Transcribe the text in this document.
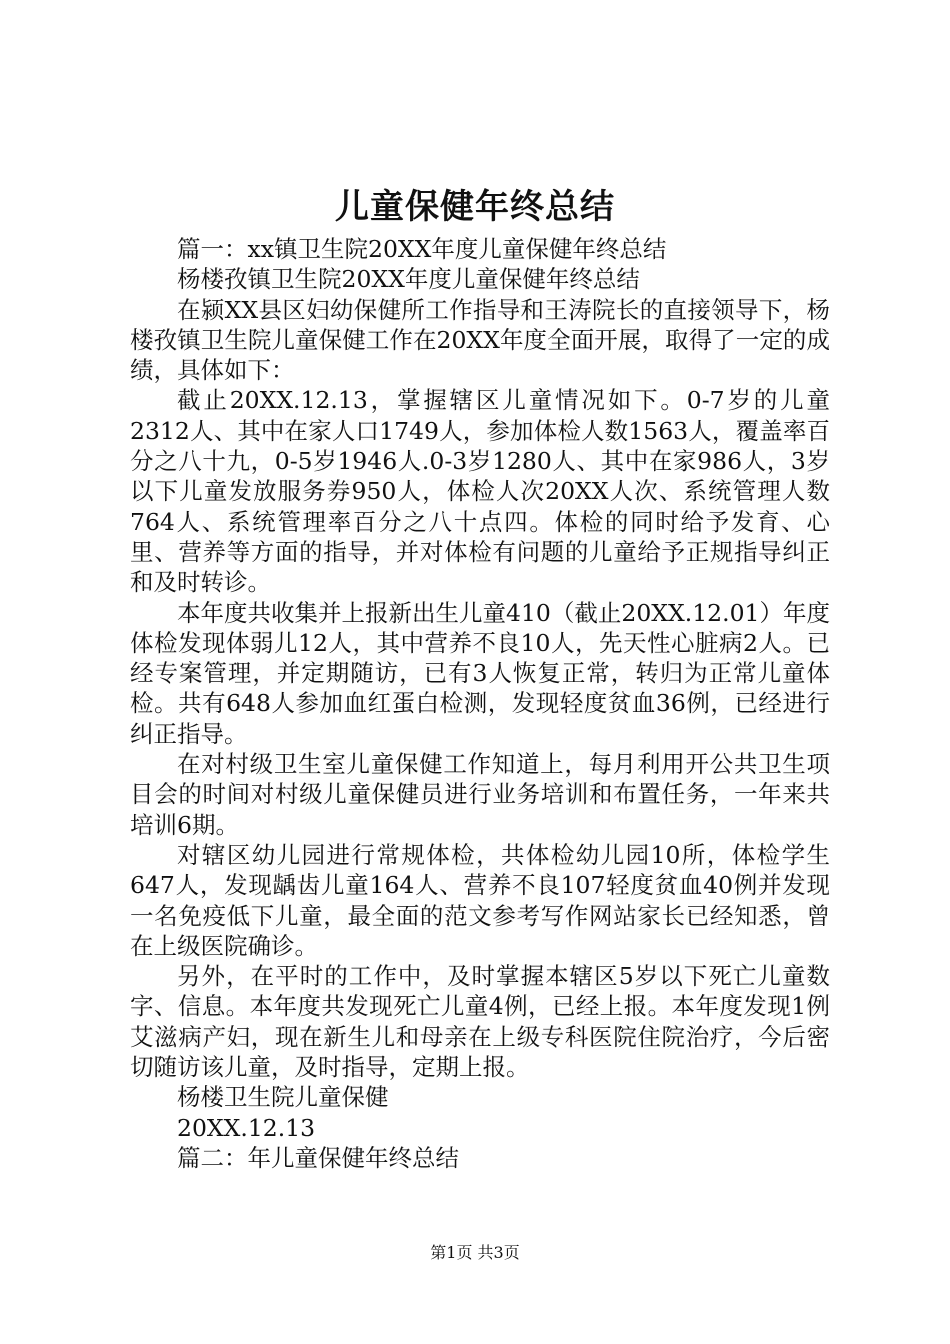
儿童保健年终总结

篇一：xx镇卫生院20XX年度儿童保健年终总结

杨楼孜镇卫生院20XX年度儿童保健年终总结

在颍XX县区妇幼保健所工作指导和王涛院长的直接领导下，杨楼孜镇卫生院儿童保健工作在20XX年度全面开展，取得了一定的成绩，具体如下：

截止20XX.12.13，掌握辖区儿童情况如下。0-7岁的儿童2312人、其中在家人口1749人，参加体检人数1563人，覆盖率百分之八十九，0-5岁1946人.0-3岁1280人、其中在家986人，3岁以下儿童发放服务券950人，体检人次20XX人次、系统管理人数764人、系统管理率百分之八十点四。体检的同时给予发育、心里、营养等方面的指导，并对体检有问题的儿童给予正规指导纠正和及时转诊。

本年度共收集并上报新出生儿童410（截止20XX.12.01）年度体检发现体弱儿12人，其中营养不良10人，先天性心脏病2人。已经专案管理，并定期随访，已有3人恢复正常，转归为正常儿童体检。共有648人参加血红蛋白检测，发现轻度贫血36例，已经进行纠正指导。

在对村级卫生室儿童保健工作知道上，每月利用开公共卫生项目会的时间对村级儿童保健员进行业务培训和布置任务，一年来共培训6期。

对辖区幼儿园进行常规体检，共体检幼儿园10所，体检学生647人，发现龋齿儿童164人、营养不良107轻度贫血40例并发现一名免疫低下儿童，最全面的范文参考写作网站家长已经知悉，曾在上级医院确诊。

另外，在平时的工作中，及时掌握本辖区5岁以下死亡儿童数字、信息。本年度共发现死亡儿童4例，已经上报。本年度发现1例艾滋病产妇，现在新生儿和母亲在上级专科医院住院治疗，今后密切随访该儿童，及时指导，定期上报。

杨楼卫生院儿童保健

20XX.12.13

篇二：年儿童保健年终总结

第1页 共3页
